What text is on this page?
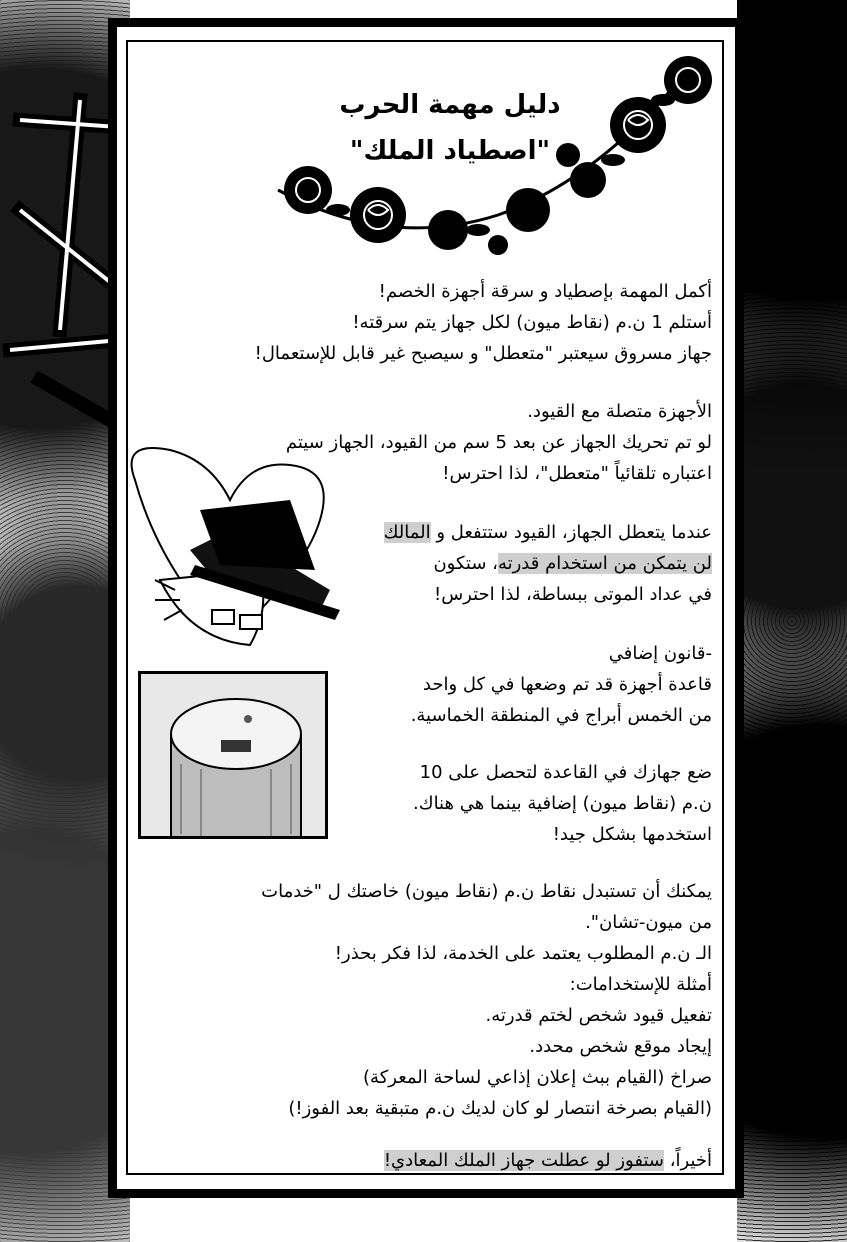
دليل مهمة الحرب
"اصطياد الملك"
أكمل المهمة بإصطياد و سرقة أجهزة الخصم!
أستلم 1 ن.م (نقاط ميون) لكل جهاز يتم سرقته!
جهاز مسروق سيعتبر "متعطل" و سيصبح غير قابل للإستعمال!
الأجهزة متصلة مع القيود.
لو تم تحريك الجهاز عن بعد 5 سم من القيود، الجهاز سيتم
اعتباره تلقائياً "متعطل"، لذا احترس!
عندما يتعطل الجهاز، القيود ستتفعل و المالك
لن يتمكن من استخدام قدرته، ستكون
في عداد الموتى ببساطة، لذا احترس!
-قانون إضافي
قاعدة أجهزة قد تم وضعها في كل واحد
من الخمس أبراج في المنطقة الخماسية.
ضع جهازك في القاعدة لتحصل على 10
ن.م (نقاط ميون) إضافية بينما هي هناك.
استخدمها بشكل جيد!
يمكنك أن تستبدل نقاط ن.م (نقاط ميون) خاصتك ل "خدمات
من ميون-تشان".
الـ ن.م المطلوب يعتمد على الخدمة، لذا فكر بحذر!
أمثلة للإستخدامات:
تفعيل قيود شخص لختم قدرته.
إيجاد موقع شخص محدد.
صراخ (القيام ببث إعلان إذاعي لساحة المعركة)
(القيام بصرخة انتصار لو كان لديك ن.م متبقية بعد الفوز!)
أخيراً، ستفوز لو عطلت جهاز الملك المعادي!
